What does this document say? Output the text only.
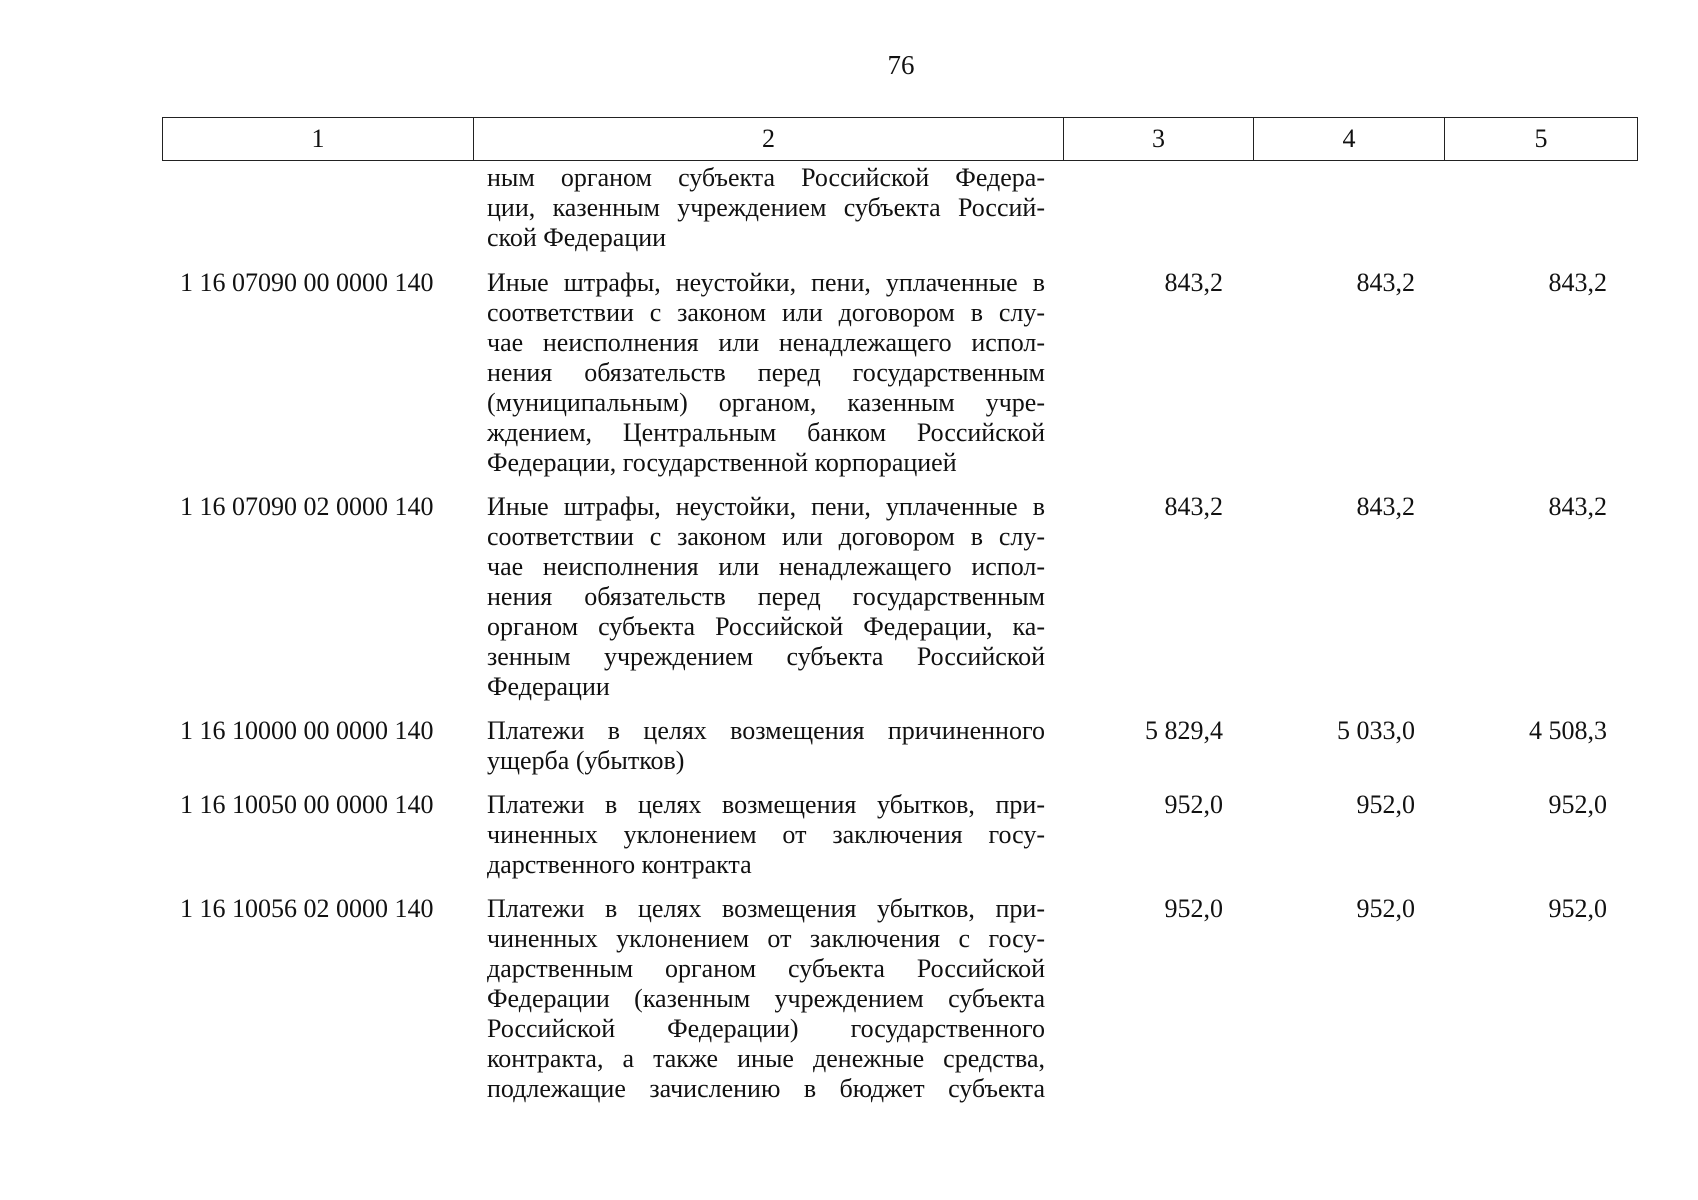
76
1	2	3	4	5
ным органом субъекта Российской Федера-
ции, казенным учреждением субъекта Россий-
ской Федерации
1 16 07090 00 0000 140	Иные штрафы, неустойки, пени, уплаченные в
соответствии с законом или договором в слу-
чае неисполнения или ненадлежащего испол-
нения обязательств перед государственным
(муниципальным) органом, казенным учре-
ждением, Центральным банком Российской
Федерации, государственной корпорацией
843,2	843,2	843,2
1 16 07090 02 0000 140	Иные штрафы, неустойки, пени, уплаченные в
соответствии с законом или договором в слу-
чае неисполнения или ненадлежащего испол-
нения обязательств перед государственным
органом субъекта Российской Федерации, ка-
зенным учреждением субъекта Российской
Федерации
843,2	843,2	843,2
1 16 10000 00 0000 140	Платежи в целях возмещения причиненного
ущерба (убытков)
5 829,4	5 033,0	4 508,3
1 16 10050 00 0000 140	Платежи в целях возмещения убытков, при-
чиненных уклонением от заключения госу-
дарственного контракта
952,0	952,0	952,0
1 16 10056 02 0000 140	Платежи в целях возмещения убытков, при-
чиненных уклонением от заключения с госу-
дарственным органом субъекта Российской
Федерации (казенным учреждением субъекта
Российской Федерации) государственного
контракта, а также иные денежные средства,
подлежащие зачислению в бюджет субъекта
952,0	952,0	952,0
